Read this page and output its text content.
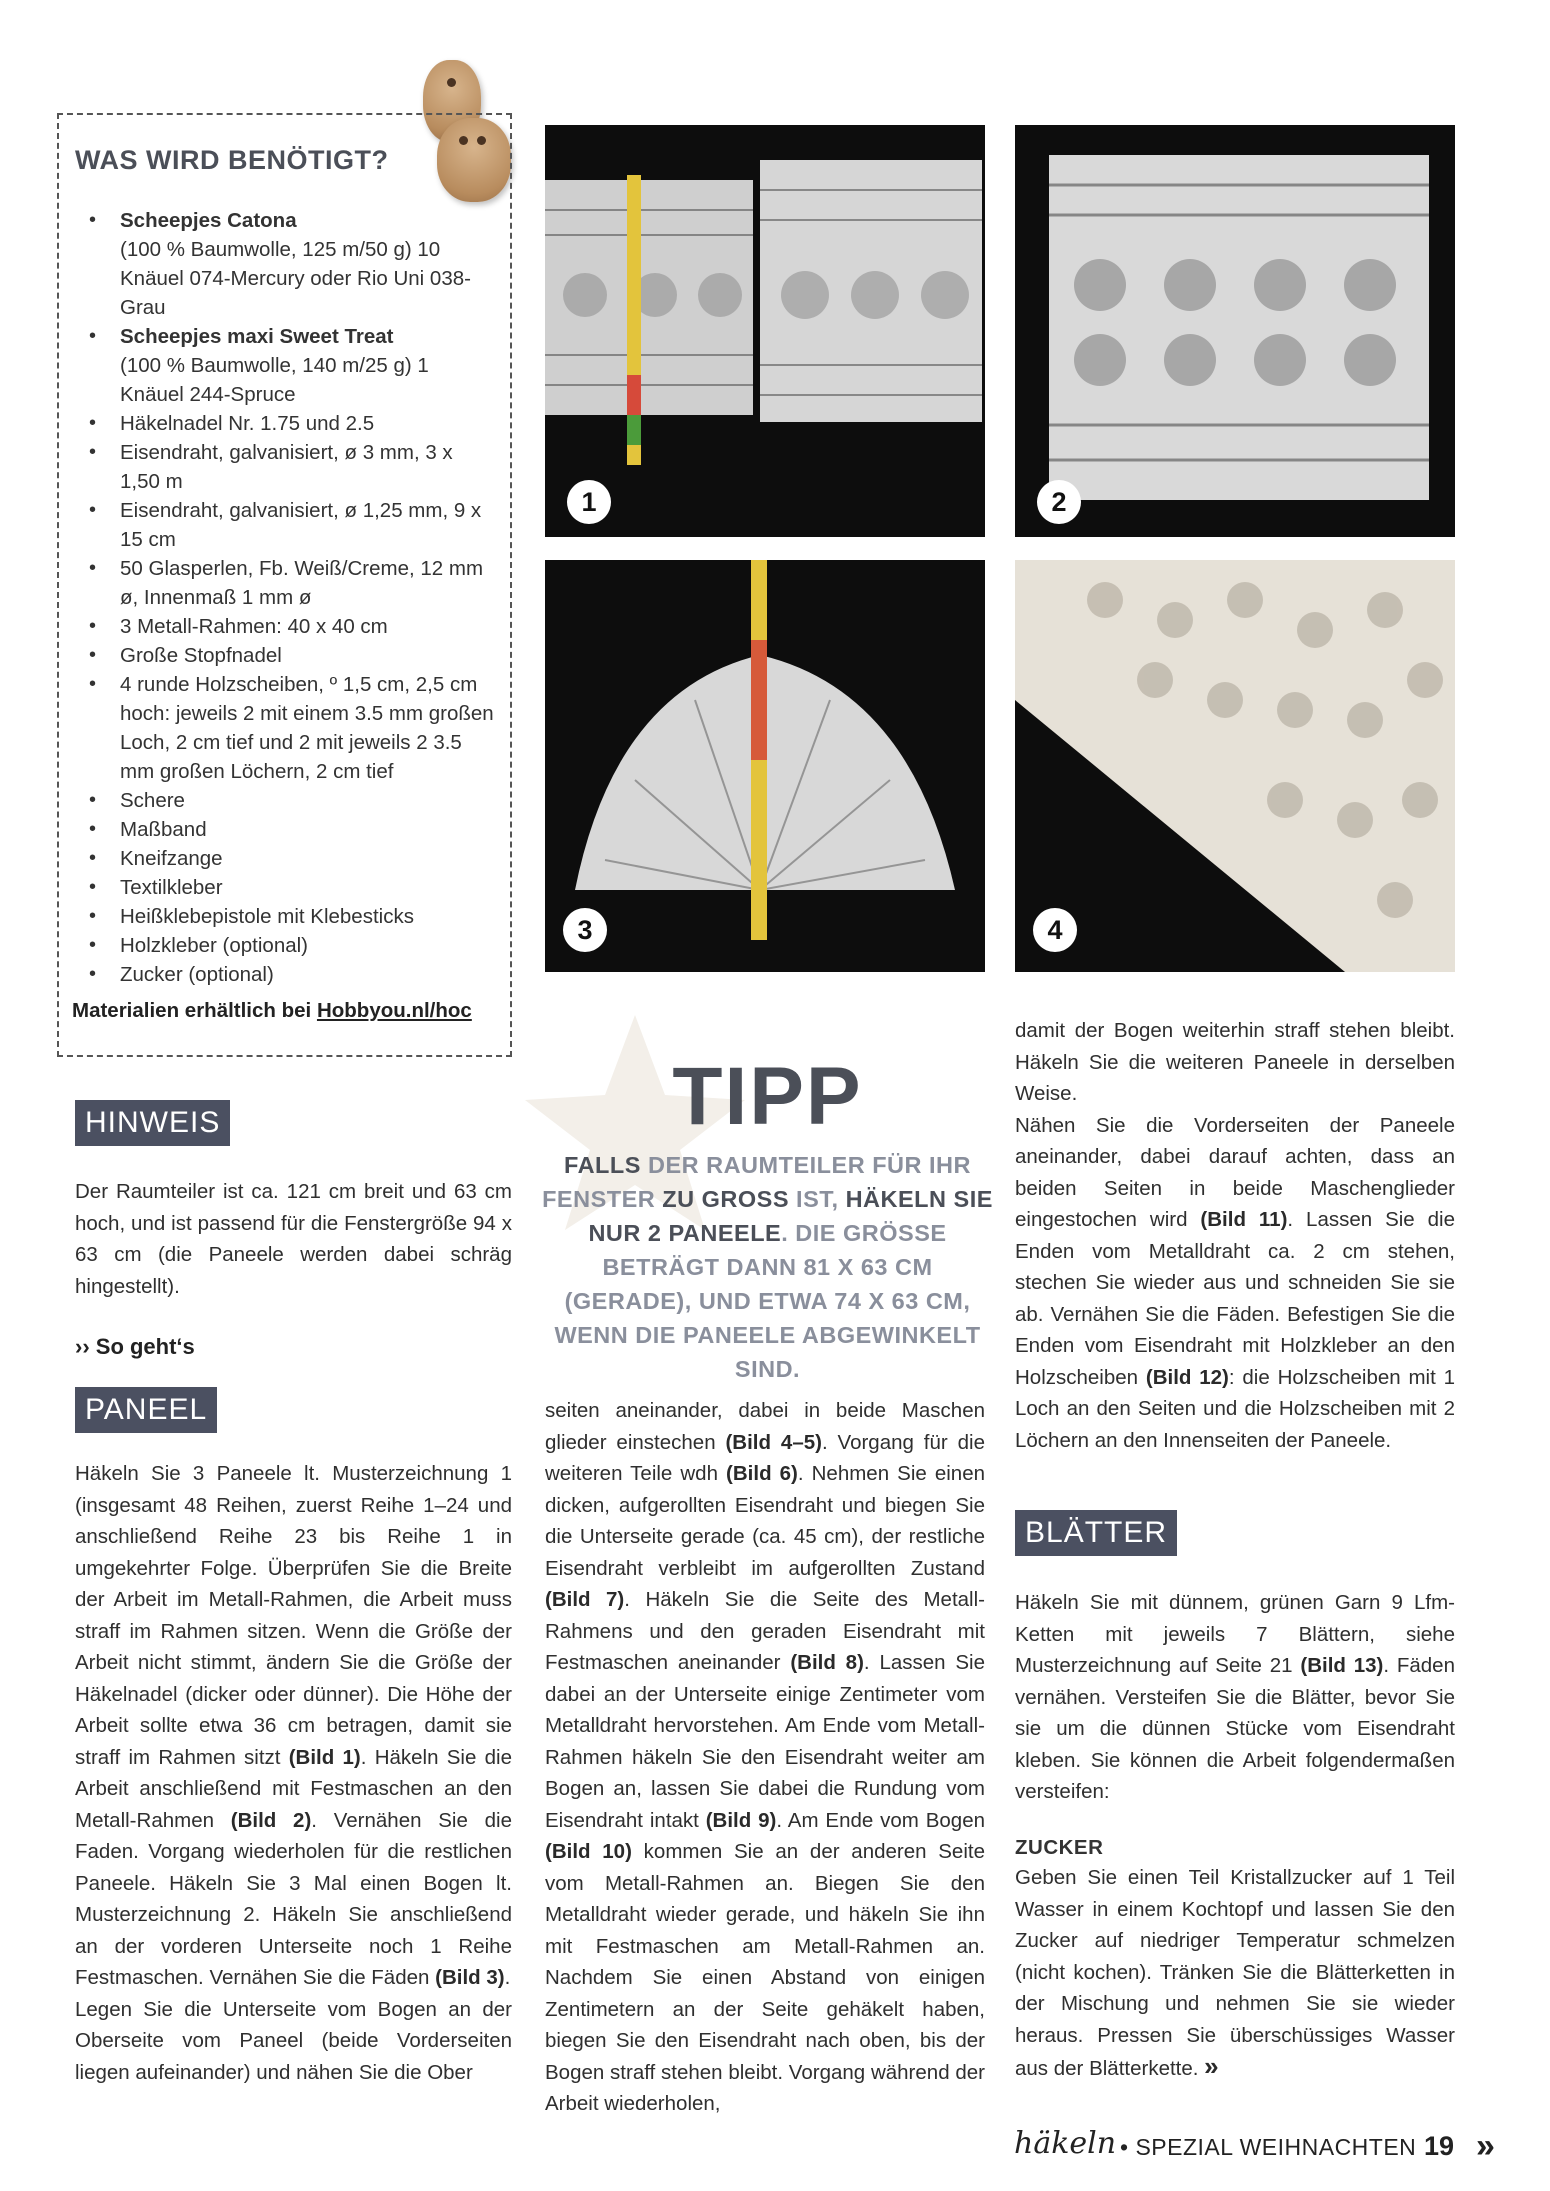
WAS WIRD BENÖTIGT?
• Scheepjes Catona
(100 % Baumwolle, 125 m/50 g) 10 Knäuel 074-Mercury oder Rio Uni 038-Grau
• Scheepjes maxi Sweet Treat
(100 % Baumwolle, 140 m/25 g) 1 Knäuel 244-Spruce
• Häkelnadel Nr. 1.75 und 2.5
• Eisendraht, galvanisiert, ø 3 mm, 3 x 1,50 m
• Eisendraht, galvanisiert, ø 1,25 mm, 9 x 15 cm
• 50 Glasperlen, Fb. Weiß/Creme, 12 mm ø, Innenmaß 1 mm ø
• 3 Metall-Rahmen: 40 x 40 cm
• Große Stopfnadel
• 4 runde Holzscheiben, º 1,5 cm, 2,5 cm hoch: jeweils 2 mit einem 3.5 mm großen Loch, 2 cm tief und 2 mit jeweils 2 3.5 mm großen Löchern, 2 cm tief
• Schere
• Maßband
• Kneifzange
• Textilkleber
• Heißklebepistole mit Klebesticks
• Holzkleber (optional)
• Zucker (optional)
Materialien erhältlich bei Hobbyou.nl/hoc
HINWEIS
Der Raumteiler ist ca. 121 cm breit und 63 cm hoch, und ist passend für die Fenstergröße 94 x 63 cm (die Paneele werden dabei schräg hingestellt).
›› So geht‘s
PANEEL
Häkeln Sie 3 Paneele lt. Musterzeichnung 1 (insgesamt 48 Reihen, zuerst Reihe 1–24 und anschließend Reihe 23 bis Reihe 1 in umgekehrter Folge. Überprüfen Sie die Breite der Arbeit im Metall-Rahmen, die Arbeit muss straff im Rahmen sitzen. Wenn die Größe der Arbeit nicht stimmt, ändern Sie die Größe der Häkelnadel (dicker oder dünner). Die Höhe der Arbeit sollte etwa 36 cm betragen, damit sie straff im Rahmen sitzt (Bild 1). Häkeln Sie die Arbeit anschließend mit Festmaschen an den Metall-Rahmen (Bild 2). Vernähen Sie die Faden. Vorgang wiederholen für die restlichen Paneele. Häkeln Sie 3 Mal einen Bogen lt. Musterzeichnung 2. Häkeln Sie anschließend an der vorderen Unterseite noch 1 Reihe Festmaschen. Vernähen Sie die Fäden (Bild 3).
Legen Sie die Unterseite vom Bogen an der Oberseite vom Paneel (beide Vorderseiten liegen aufeinander) und nähen Sie die Ober
1	2
3	4
TIPP
FALLS DER RAUMTEILER FÜR IHR FENSTER ZU GROSS IST, HÄKELN SIE NUR 2 PANEELE. DIE GRÖSSE BETRÄGT DANN 81 X 63 CM (GERADE), UND ETWA 74 X 63 CM, WENN DIE PANEELE ABGEWINKELT SIND.
seiten aneinander, dabei in beide Maschen glieder einstechen (Bild 4–5). Vorgang für die weiteren Teile wdh (Bild 6). Nehmen Sie einen dicken, aufgerollten Eisendraht und biegen Sie die Unterseite gerade (ca. 45 cm), der restliche Eisendraht verbleibt im aufgerollten Zustand (Bild 7). Häkeln Sie die Seite des Metall-Rahmens und den geraden Eisendraht mit Festmaschen aneinander (Bild 8). Lassen Sie dabei an der Unterseite einige Zentimeter vom Metalldraht hervorstehen. Am Ende vom Metall-Rahmen häkeln Sie den Eisendraht weiter am Bogen an, lassen Sie dabei die Rundung vom Eisendraht intakt (Bild 9). Am Ende vom Bogen (Bild 10) kommen Sie an der anderen Seite vom Metall-Rahmen an. Biegen Sie den Metalldraht wieder gerade, und häkeln Sie ihn mit Festmaschen am Metall-Rahmen an. Nachdem Sie einen Abstand von einigen Zentimetern an der Seite gehäkelt haben, biegen Sie den Eisendraht nach oben, bis der Bogen straff stehen bleibt. Vorgang während der Arbeit wiederholen,
damit der Bogen weiterhin straff stehen bleibt. Häkeln Sie die weiteren Paneele in derselben Weise.
Nähen Sie die Vorderseiten der Paneele aneinander, dabei darauf achten, dass an beiden Seiten in beide Maschenglieder eingestochen wird (Bild 11). Lassen Sie die Enden vom Metalldraht ca. 2 cm stehen, stechen Sie wieder aus und schneiden Sie sie ab. Vernähen Sie die Fäden. Befestigen Sie die Enden vom Eisendraht mit Holzkleber an den Holzscheiben (Bild 12): die Holzscheiben mit 1 Loch an den Seiten und die Holzscheiben mit 2 Löchern an den Innenseiten der Paneele.
BLÄTTER
Häkeln Sie mit dünnem, grünen Garn 9 Lfm-Ketten mit jeweils 7 Blättern, siehe Musterzeichnung auf Seite 21 (Bild 13). Fäden vernähen. Versteifen Sie die Blätter, bevor Sie sie um die dünnen Stücke vom Eisendraht kleben. Sie können die Arbeit folgendermaßen versteifen:
ZUCKER
Geben Sie einen Teil Kristallzucker auf 1 Teil Wasser in einem Kochtopf und lassen Sie den Zucker auf niedriger Temperatur schmelzen (nicht kochen). Tränken Sie die Blätterketten in der Mischung und nehmen Sie sie wieder heraus. Pressen Sie überschüssiges Wasser aus der Blätterkette. »
häkeln • SPEZIAL WEIHNACHTEN 19 »
